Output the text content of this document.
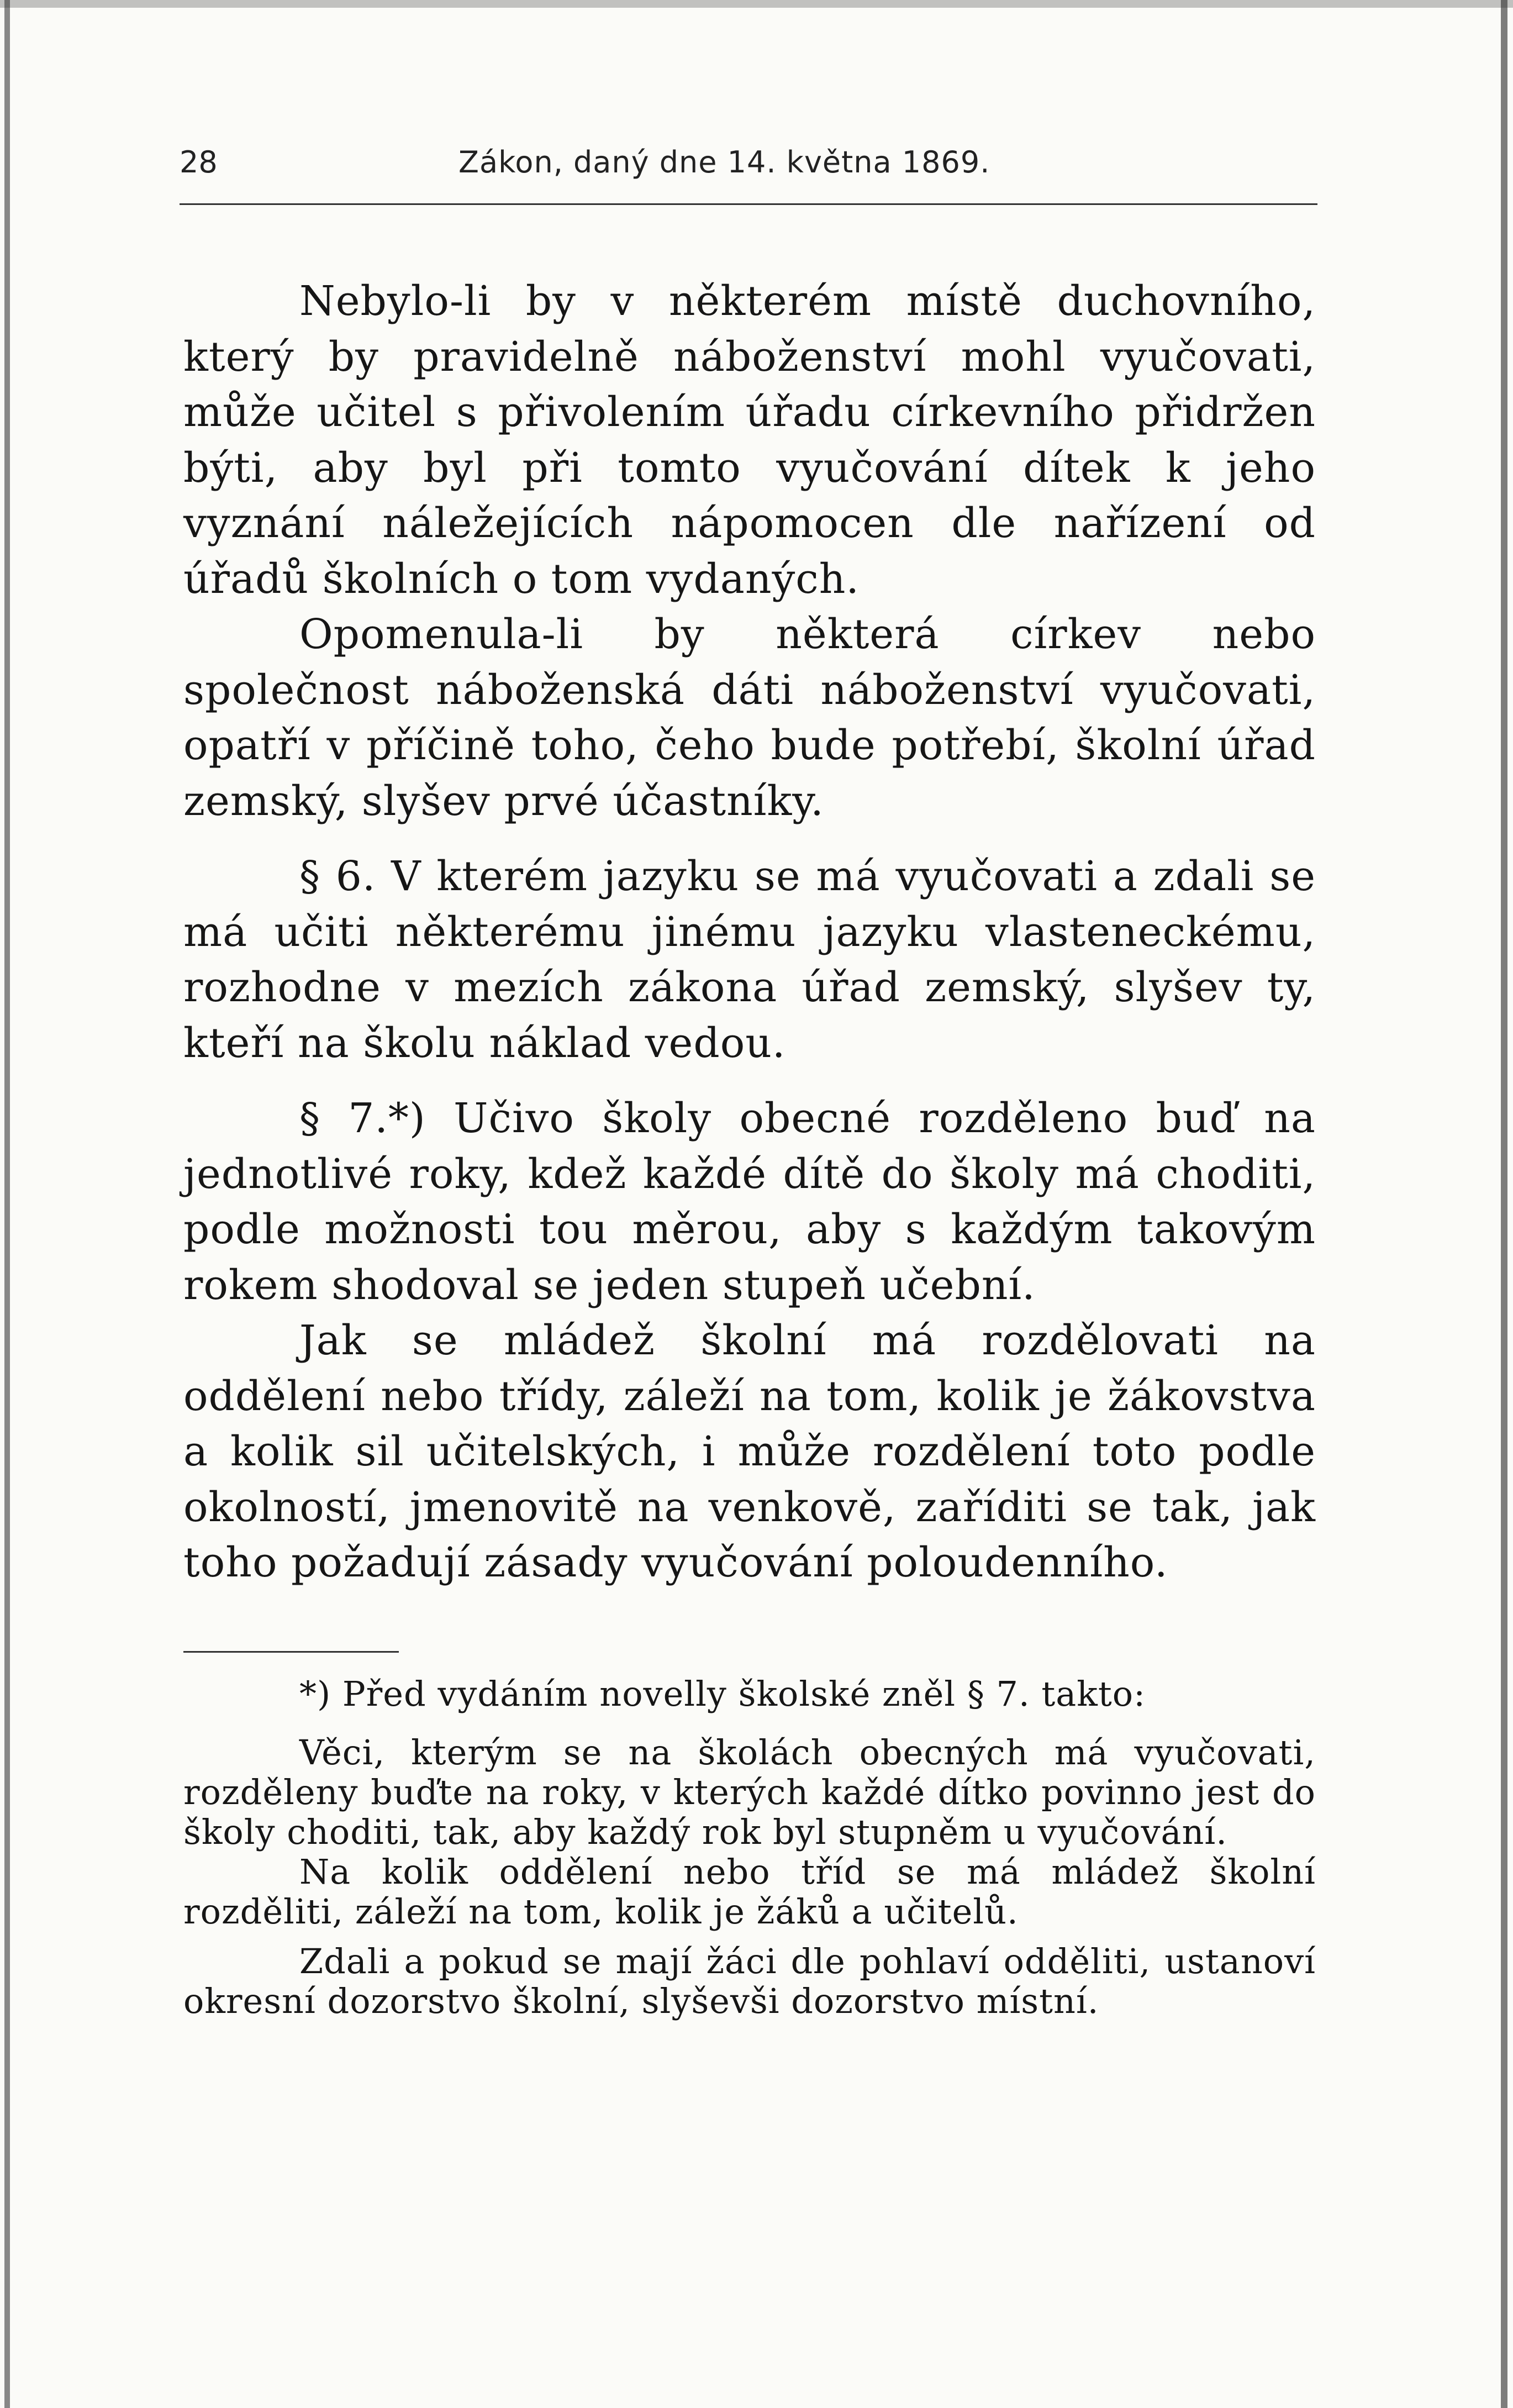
28	Zákon, daný dne 14. května 1869.

Nebylo-li by v některém místě duchovního, který by pravidelně náboženství mohl vyučovati, může učitel s přivolením úřadu církevního přidržen býti, aby byl při tomto vyučování dítek k jeho vyznání náležejících nápomocen dle nařízení od úřadů školních o tom vydaných.

Opomenula-li by některá církev nebo společnost náboženská dáti náboženství vyučovati, opatří v příčině toho, čeho bude potřebí, školní úřad zemský, slyšev prvé účastníky.

§ 6. V kterém jazyku se má vyučovati a zdali se má učiti některému jinému jazyku vlasteneckému, rozhodne v mezích zákona úřad zemský, slyšev ty, kteří na školu náklad vedou.

§ 7.*) Učivo školy obecné rozděleno buď na jednotlivé roky, kdež každé dítě do školy má choditi, podle možnosti tou měrou, aby s každým takovým rokem shodoval se jeden stupeň učební.

Jak se mládež školní má rozdělovati na oddělení nebo třídy, záleží na tom, kolik je žákovstva a kolik sil učitelských, i může rozdělení toto podle okolností, jmenovitě na venkově, zaříditi se tak, jak toho požadují zásady vyučování poloudenního.

*) Před vydáním novelly školské zněl § 7. takto:

Věci, kterým se na školách obecných má vyučovati, rozděleny buďte na roky, v kterých každé dítko povinno jest do školy choditi, tak, aby každý rok byl stupněm u vyučování.

Na kolik oddělení nebo tříd se má mládež školní rozděliti, záleží na tom, kolik je žáků a učitelů.

Zdali a pokud se mají žáci dle pohlaví odděliti, ustanoví okresní dozorstvo školní, slyševši dozorstvo místní.
